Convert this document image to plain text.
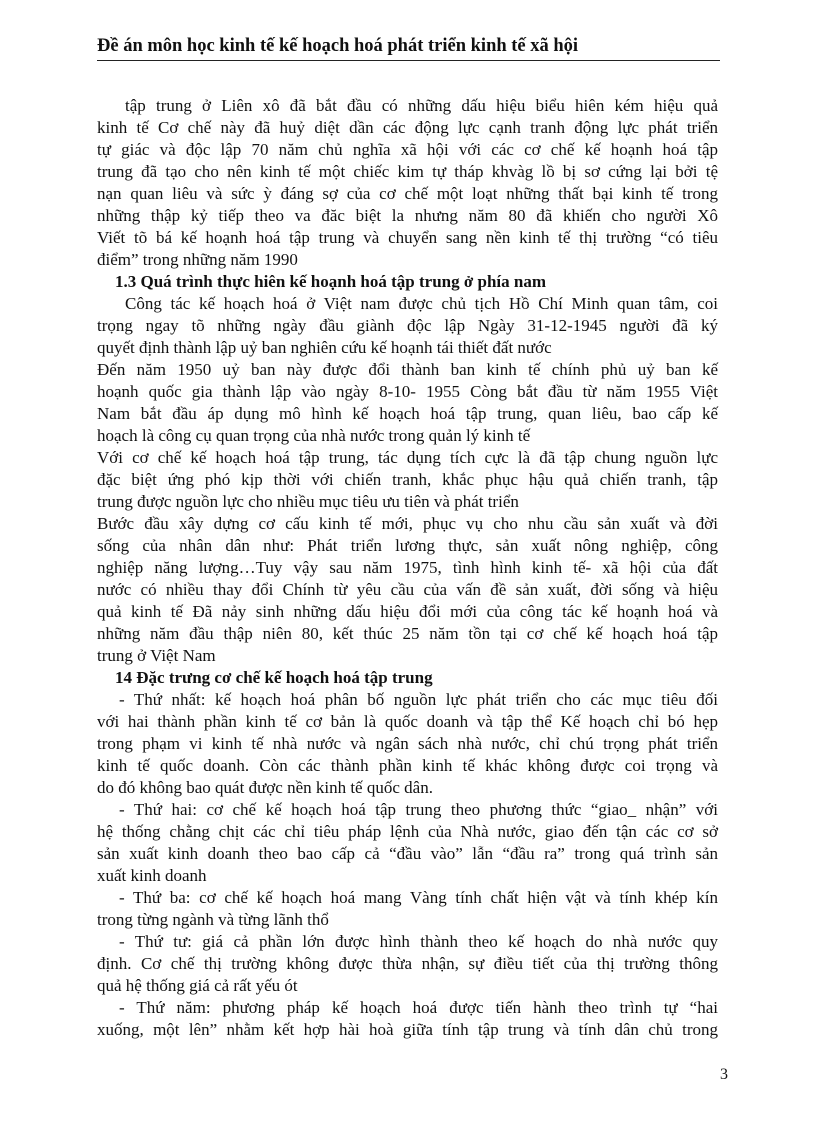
Đề án môn học kinh tế kế hoạch hoá phát triển kinh tế xã hội
tập trung ở Liên xô đã bắt đầu có những dấu hiệu biểu hiên kém hiệu quả
kinh tế Cơ chế này đã huỷ diệt dần các động lực cạnh tranh động lực phát triển
tự giác và độc lập 70 năm chủ nghĩa xã hội với các cơ chế kế hoạnh hoá tập
trung đã tạo cho nên kinh tế một chiếc kim tự tháp khvàg lồ bị sơ cứng lại bởi tệ
nạn quan liêu và sức ỳ đáng sợ của cơ chế một loạt những thất bại kinh tế trong
những thập kỷ tiếp theo va đăc biệt la nhưng năm 80 đã khiến cho người Xô
Viết tõ bá kế hoạnh hoá tập trung và chuyển sang nền kinh tế thị trường “có tiêu
điểm” trong những năm 1990
1.3 Quá trình thực hiên kế hoạnh hoá tập trung ở phía nam
Công tác kế hoạch hoá ở Việt nam được chủ tịch Hồ Chí Minh quan tâm, coi
trọng ngay tõ những ngày đầu giành độc lập Ngày 31-12-1945 người đã ký
quyết định thành lập uỷ ban nghiên cứu kế hoạnh tái thiết đất nước
Đến năm 1950 uỷ ban này được đổi thành ban kinh tế chính phủ uỷ ban kế
hoạnh quốc gia thành lập vào ngày 8-10- 1955 Còng bắt đầu từ năm 1955 Việt
Nam bắt đầu áp dụng mô hình kế hoạch hoá tập trung, quan liêu, bao cấp kế
hoạch là công cụ quan trọng của nhà nước trong quản lý kinh tế
Với cơ chế kế hoạch hoá tập trung, tác dụng tích cực là đã tập chung nguồn lực
đặc biệt ứng phó kịp thời với chiến tranh, khắc phục hậu quả chiến tranh, tập
trung được nguồn lực cho nhiều mục tiêu ưu tiên và phát triển
Bước đầu xây dựng cơ cấu kinh tế mới, phục vụ cho nhu cầu sản xuất và đời
sống của nhân dân như: Phát triển lương thực, sản xuất nông nghiệp, công
nghiệp năng lượng…Tuy vậy sau năm 1975, tình hình kinh tế- xã hội của đất
nước có nhiều thay đổi Chính từ yêu cầu của vấn đề sản xuất, đời sống và hiệu
quả kinh tế Đã nảy sinh những dấu hiệu đổi mới của công tác kế hoạnh hoá và
những năm đầu thập niên 80, kết thúc 25 năm tồn tại cơ chế kế hoạch hoá tập
trung ở Việt Nam
14 Đặc trưng cơ chế kế hoạch hoá tập trung
- Thứ nhất: kế hoạch hoá phân bố nguồn lực phát triển cho các mục tiêu đối
với hai thành phần kinh tế cơ bản là quốc doanh và tập thể Kế hoạch chỉ bó hẹp
trong phạm vi kinh tế nhà nước và ngân sách nhà nước, chỉ chú trọng phát triển
kinh tế quốc doanh. Còn các thành phần kinh tế khác không được coi trọng và
do đó không bao quát được nền kinh tế quốc dân.
- Thứ hai: cơ chế kế hoạch hoá tập trung theo phương thức “giao_ nhận” với
hệ thống chằng chịt các chỉ tiêu pháp lệnh của Nhà nước, giao đến tận các cơ sở
sản xuất kinh doanh theo bao cấp cả “đầu vào” lẫn “đầu ra” trong quá trình sản
xuất kinh doanh
- Thứ ba: cơ chế kế hoạch hoá mang Vàng tính chất hiện vật và tính khép kín
trong từng ngành và từng lãnh thổ
- Thứ tư: giá cả phần lớn được hình thành theo kế hoạch do nhà nước quy
định. Cơ chế thị trường không được thừa nhận, sự điều tiết của thị trường thông
quả hệ thống giá cả rất yếu ót
- Thứ năm: phương pháp kế hoạch hoá được tiến hành theo trình tự “hai
xuống, một lên” nhằm kết hợp hài hoà giữa tính tập trung và tính dân chủ trong
3
